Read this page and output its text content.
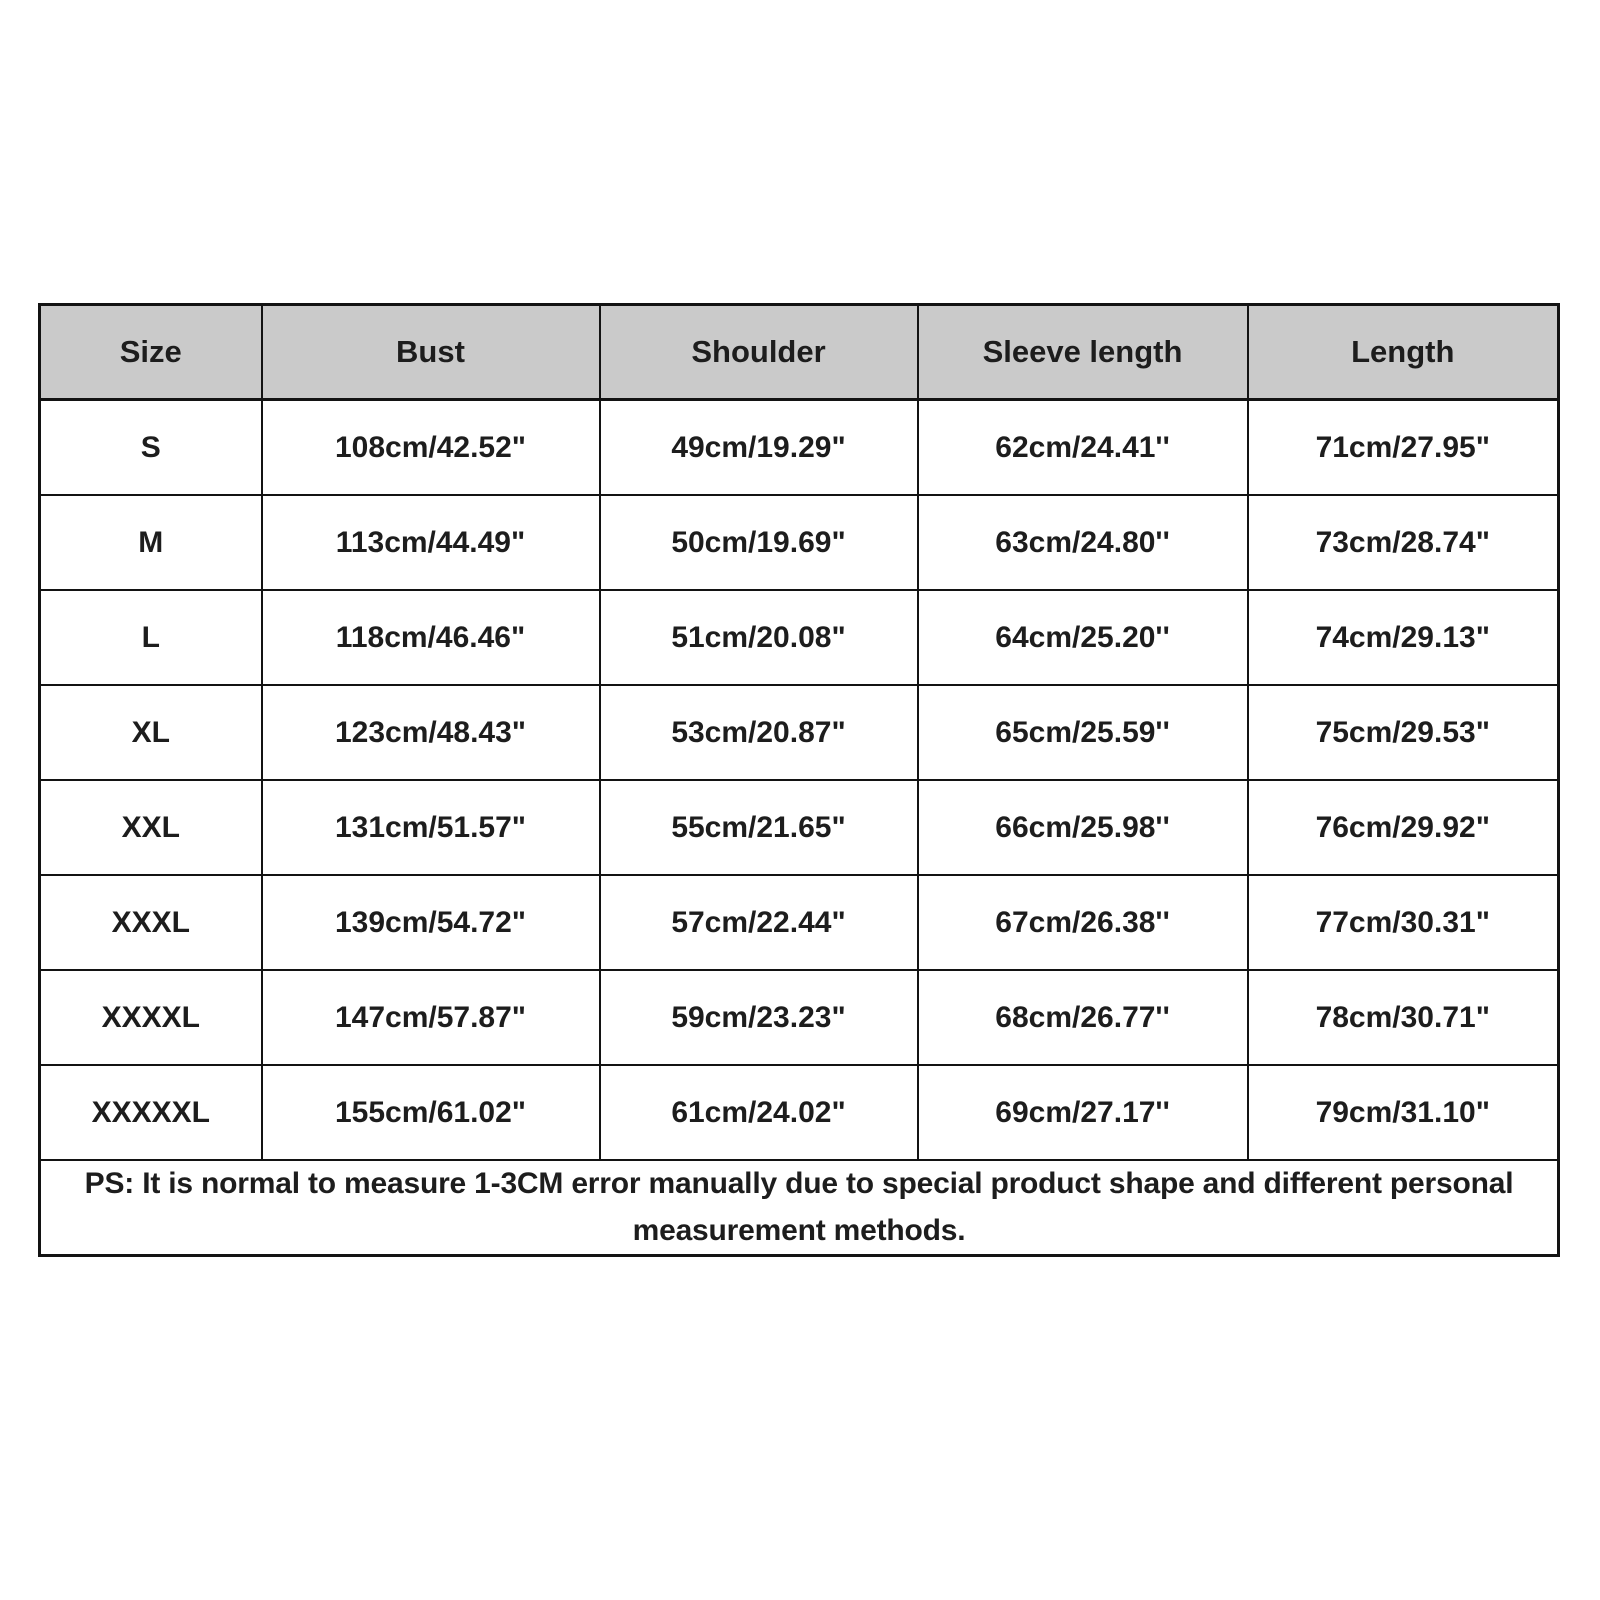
Size	Bust	Shoulder	Sleeve length	Length
S	108cm/42.52"	49cm/19.29"	62cm/24.41''	71cm/27.95"
M	113cm/44.49"	50cm/19.69"	63cm/24.80''	73cm/28.74"
L	118cm/46.46"	51cm/20.08"	64cm/25.20''	74cm/29.13"
XL	123cm/48.43"	53cm/20.87"	65cm/25.59''	75cm/29.53"
XXL	131cm/51.57"	55cm/21.65"	66cm/25.98''	76cm/29.92"
XXXL	139cm/54.72"	57cm/22.44"	67cm/26.38''	77cm/30.31"
XXXXL	147cm/57.87"	59cm/23.23"	68cm/26.77''	78cm/30.71"
XXXXXL	155cm/61.02"	61cm/24.02"	69cm/27.17''	79cm/31.10"
PS: It is normal to measure 1-3CM error manually due to special product shape and different personal measurement methods.				
